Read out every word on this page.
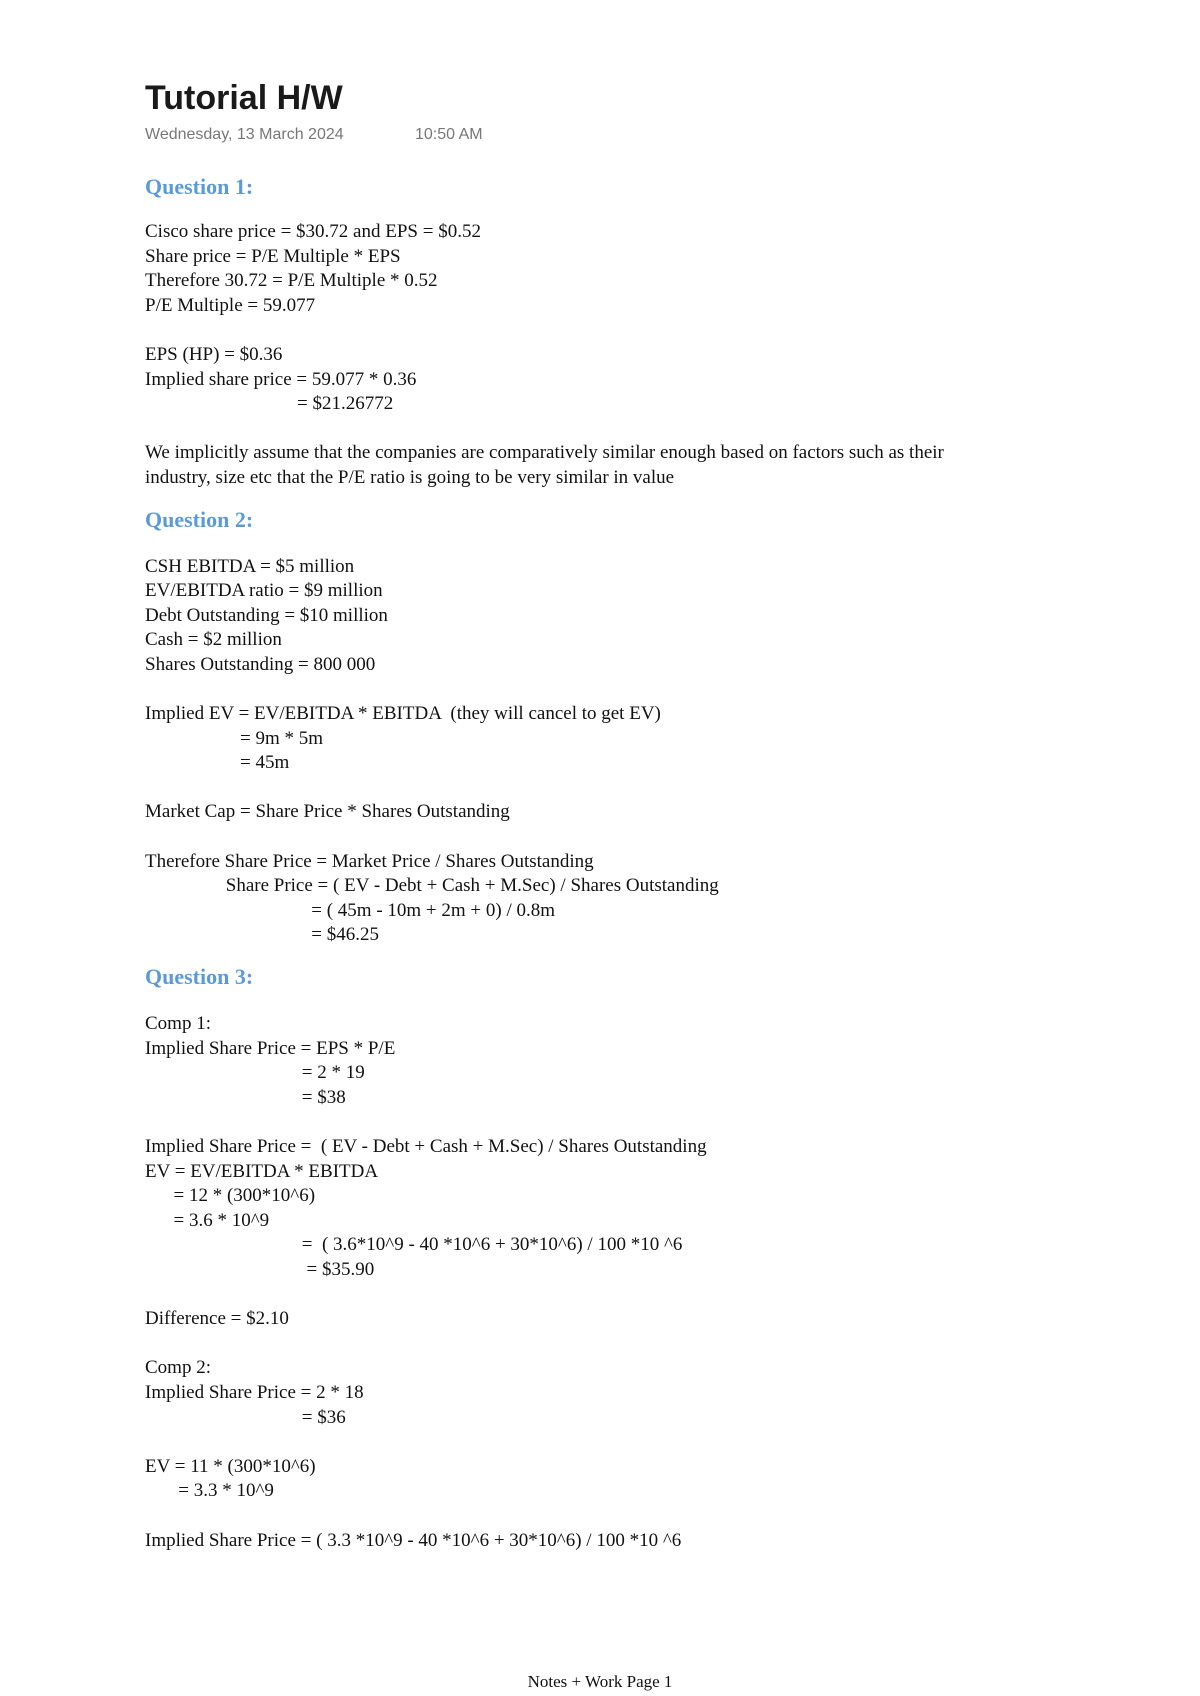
Tutorial H/W
Wednesday, 13 March 2024	10:50 AM
Question 1:

Cisco share price = $30.72 and EPS = $0.52

Share price = P/E Multiple * EPS

Therefore 30.72 = P/E Multiple * 0.52

P/E Multiple = 59.077

EPS (HP) = $0.36

Implied share price = 59.077 * 0.36

= $21.26772

We implicitly assume that the companies are comparatively similar enough based on factors such as their

industry, size etc that the P/E ratio is going to be very similar in value

Question 2:

CSH EBITDA = $5 million

EV/EBITDA ratio = $9 million

Debt Outstanding = $10 million

Cash = $2 million

Shares Outstanding = 800 000

Implied EV = EV/EBITDA * EBITDA  (they will cancel to get EV)

= 9m * 5m

= 45m

Market Cap = Share Price * Shares Outstanding

Therefore Share Price = Market Price / Shares Outstanding

Share Price = ( EV - Debt + Cash + M.Sec) / Shares Outstanding

= ( 45m - 10m + 2m + 0) / 0.8m

= $46.25

Question 3:

Comp 1:

Implied Share Price = EPS * P/E

= 2 * 19

= $38

Implied Share Price =  ( EV - Debt + Cash + M.Sec) / Shares Outstanding

EV = EV/EBITDA * EBITDA

= 12 * (300*10^6)

= 3.6 * 10^9

=  ( 3.6*10^9 - 40 *10^6 + 30*10^6) / 100 *10 ^6

= $35.90

Difference = $2.10

Comp 2:

Implied Share Price = 2 * 18

= $36

EV = 11 * (300*10^6)

= 3.3 * 10^9

Implied Share Price = ( 3.3 *10^9 - 40 *10^6 + 30*10^6) / 100 *10 ^6

Notes + Work Page 1
